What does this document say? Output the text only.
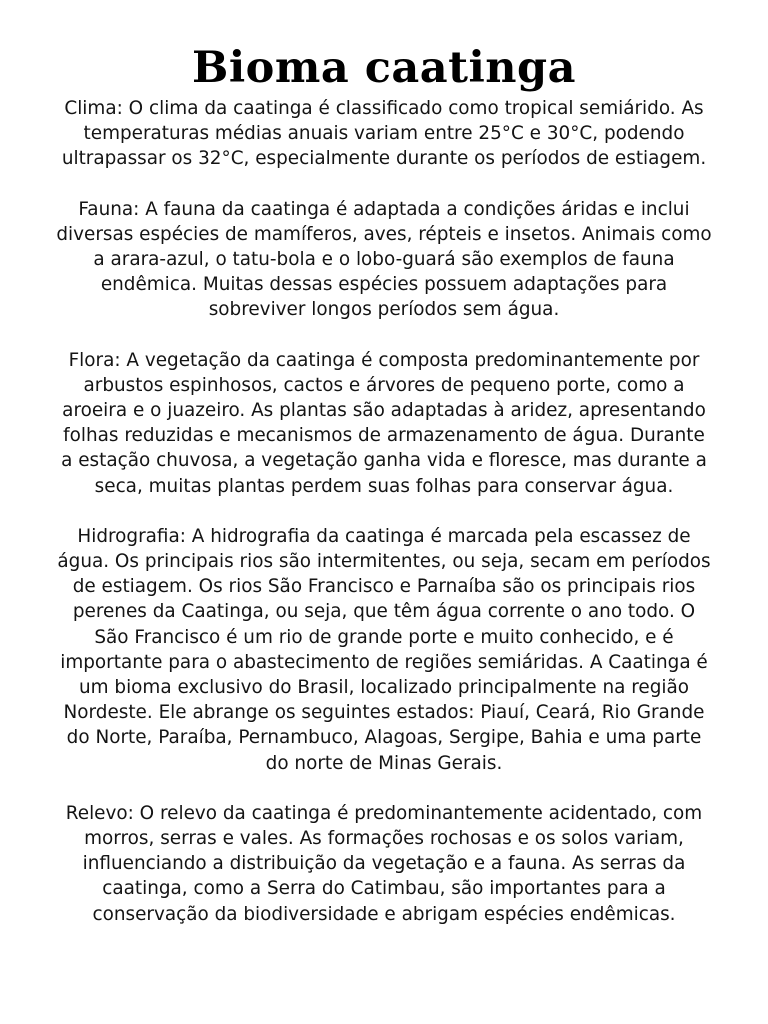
Bioma caatinga

Clima: O clima da caatinga é classificado como tropical semiárido. As temperaturas médias anuais variam entre 25°C e 30°C, podendo ultrapassar os 32°C, especialmente durante os períodos de estiagem.

Fauna: A fauna da caatinga é adaptada a condições áridas e inclui diversas espécies de mamíferos, aves, répteis e insetos. Animais como a arara-azul, o tatu-bola e o lobo-guará são exemplos de fauna endêmica. Muitas dessas espécies possuem adaptações para sobreviver longos períodos sem água.

Flora: A vegetação da caatinga é composta predominantemente por arbustos espinhosos, cactos e árvores de pequeno porte, como a aroeira e o juazeiro. As plantas são adaptadas à aridez, apresentando folhas reduzidas e mecanismos de armazenamento de água. Durante a estação chuvosa, a vegetação ganha vida e floresce, mas durante a seca, muitas plantas perdem suas folhas para conservar água.

Hidrografia: A hidrografia da caatinga é marcada pela escassez de água. Os principais rios são intermitentes, ou seja, secam em períodos de estiagem. Os rios São Francisco e Parnaíba são os principais rios perenes da Caatinga, ou seja, que têm água corrente o ano todo. O São Francisco é um rio de grande porte e muito conhecido, e é importante para o abastecimento de regiões semiáridas. A Caatinga é um bioma exclusivo do Brasil, localizado principalmente na região Nordeste. Ele abrange os seguintes estados: Piauí, Ceará, Rio Grande do Norte, Paraíba, Pernambuco, Alagoas, Sergipe, Bahia e uma parte do norte de Minas Gerais.

Relevo: O relevo da caatinga é predominantemente acidentado, com morros, serras e vales. As formações rochosas e os solos variam, influenciando a distribuição da vegetação e a fauna. As serras da caatinga, como a Serra do Catimbau, são importantes para a conservação da biodiversidade e abrigam espécies endêmicas.
